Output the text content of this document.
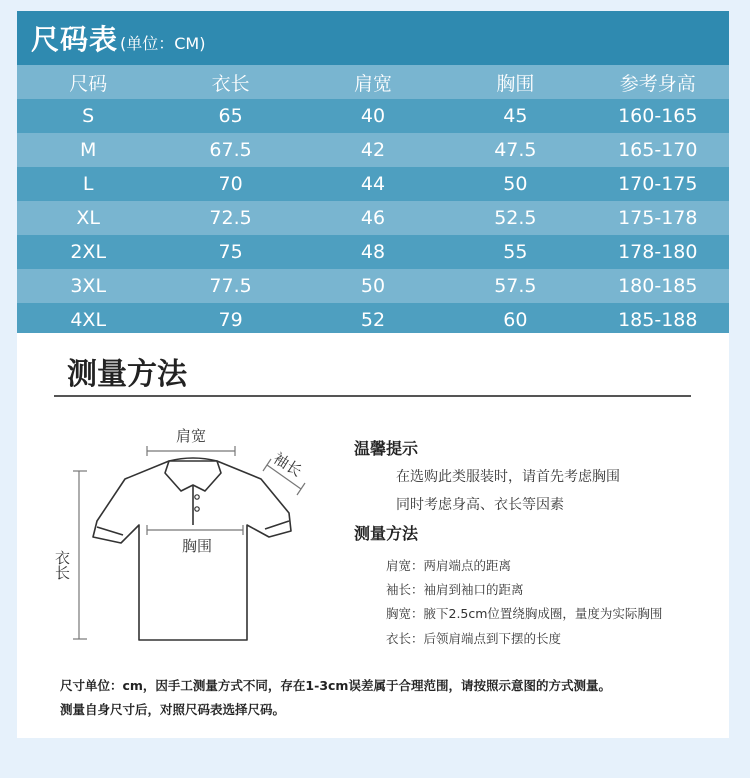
尺码表 (单位：CM)
尺码	衣长	肩宽	胸围	参考身高
S	65	40	45	160-165
M	67.5	42	47.5	165-170
L	70	44	50	170-175
XL	72.5	46	52.5	175-178
2XL	75	48	55	178-180
3XL	77.5	50	57.5	180-185
4XL	79	52	60	185-188
测量方法
肩宽
胸围
袖长
衣长
温馨提示
在选购此类服装时，请首先考虑胸围
同时考虑身高、衣长等因素
测量方法
肩宽：两肩端点的距离
袖长：袖肩到袖口的距离
胸宽：腋下2.5cm位置绕胸成圈，量度为实际胸围
衣长：后领肩端点到下摆的长度
尺寸单位：cm，因手工测量方式不同，存在1-3cm误差属于合理范围，请按照示意图的方式测量。
测量自身尺寸后，对照尺码表选择尺码。
